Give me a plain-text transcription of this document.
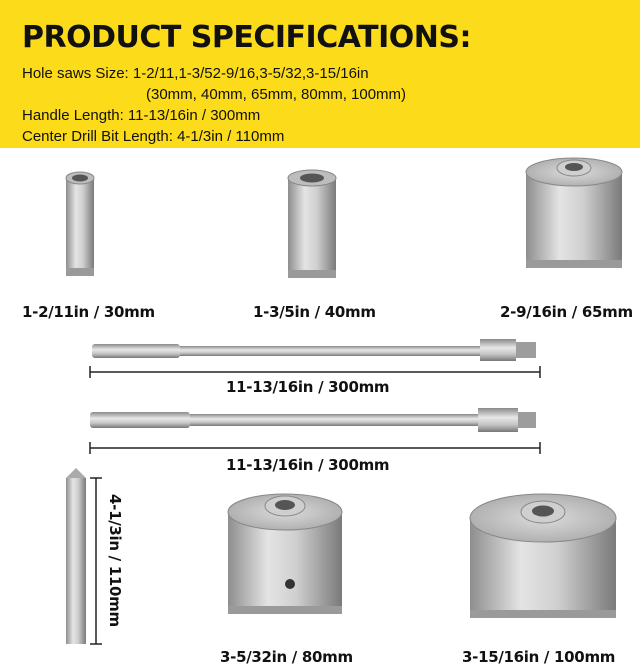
PRODUCT SPECIFICATIONS:
Hole saws Size: 1-2/11,1-3/52-9/16,3-5/32,3-15/16in
(30mm, 40mm, 65mm, 80mm, 100mm)
Handle Length: 11-13/16in / 300mm
Center Drill Bit Length: 4-1/3in / 110mm
1-2/11in / 30mm	1-3/5in / 40mm	2-9/16in / 65mm
11-13/16in / 300mm
11-13/16in / 300mm
4-1/3in / 110mm
3-5/32in / 80mm	3-15/16in / 100mm
